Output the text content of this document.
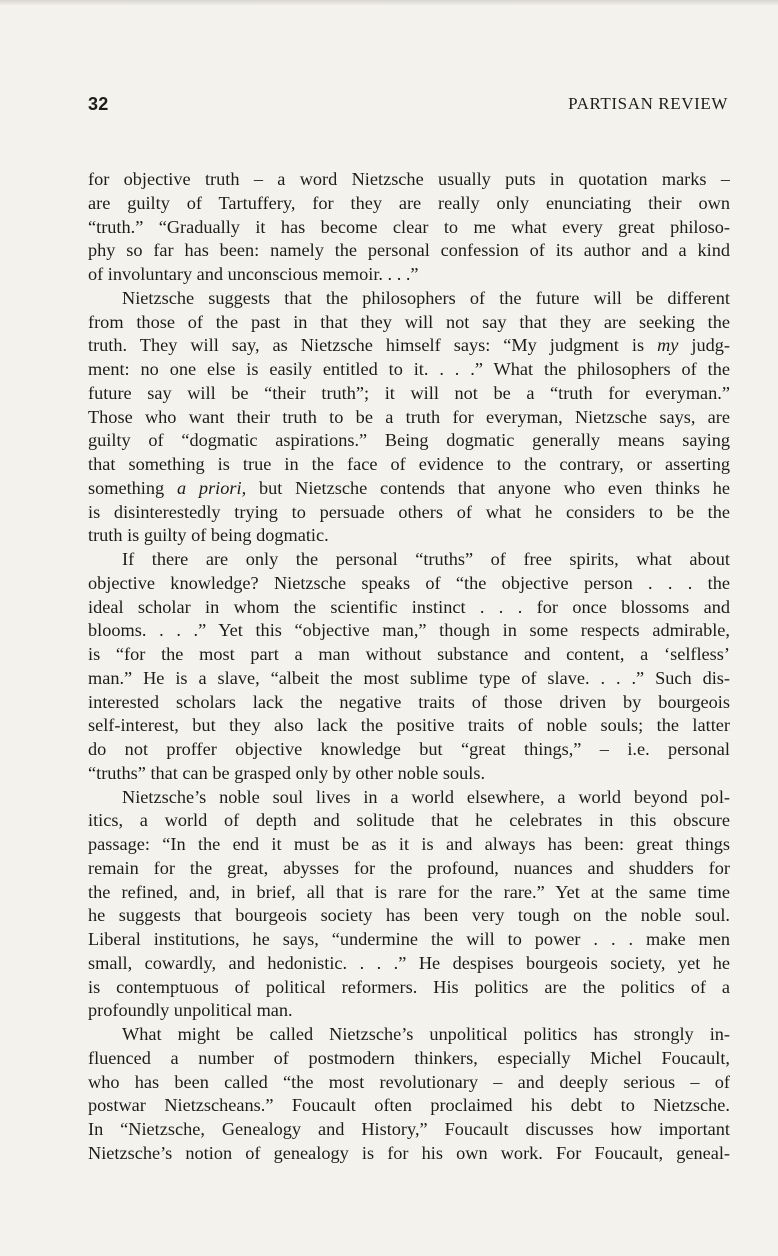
32	PARTISAN REVIEW

for objective truth – a word Nietzsche usually puts in quotation marks –
are guilty of Tartuffery, for they are really only enunciating their own
“truth.” “Gradually it has become clear to me what every great philoso-
phy so far has been: namely the personal confession of its author and a kind
of involuntary and unconscious memoir. . . .”

Nietzsche suggests that the philosophers of the future will be different
from those of the past in that they will not say that they are seeking the
truth. They will say, as Nietzsche himself says: “My judgment is my judg-
ment: no one else is easily entitled to it. . . .” What the philosophers of the
future say will be “their truth”; it will not be a “truth for everyman.”
Those who want their truth to be a truth for everyman, Nietzsche says, are
guilty of “dogmatic aspirations.” Being dogmatic generally means saying
that something is true in the face of evidence to the contrary, or asserting
something a priori, but Nietzsche contends that anyone who even thinks he
is disinterestedly trying to persuade others of what he considers to be the
truth is guilty of being dogmatic.

If there are only the personal “truths” of free spirits, what about
objective knowledge? Nietzsche speaks of “the objective person . . . the
ideal scholar in whom the scientific instinct . . . for once blossoms and
blooms. . . .” Yet this “objective man,” though in some respects admirable,
is “for the most part a man without substance and content, a ‘selfless’
man.” He is a slave, “albeit the most sublime type of slave. . . .” Such dis-
interested scholars lack the negative traits of those driven by bourgeois
self-interest, but they also lack the positive traits of noble souls; the latter
do not proffer objective knowledge but “great things,” – i.e. personal
“truths” that can be grasped only by other noble souls.

Nietzsche’s noble soul lives in a world elsewhere, a world beyond pol-
itics, a world of depth and solitude that he celebrates in this obscure
passage: “In the end it must be as it is and always has been: great things
remain for the great, abysses for the profound, nuances and shudders for
the refined, and, in brief, all that is rare for the rare.” Yet at the same time
he suggests that bourgeois society has been very tough on the noble soul.
Liberal institutions, he says, “undermine the will to power . . . make men
small, cowardly, and hedonistic. . . .” He despises bourgeois society, yet he
is contemptuous of political reformers. His politics are the politics of a
profoundly unpolitical man.

What might be called Nietzsche’s unpolitical politics has strongly in-
fluenced a number of postmodern thinkers, especially Michel Foucault,
who has been called “the most revolutionary – and deeply serious – of
postwar Nietzscheans.” Foucault often proclaimed his debt to Nietzsche.
In “Nietzsche, Genealogy and History,” Foucault discusses how important
Nietzsche’s notion of genealogy is for his own work. For Foucault, geneal-
